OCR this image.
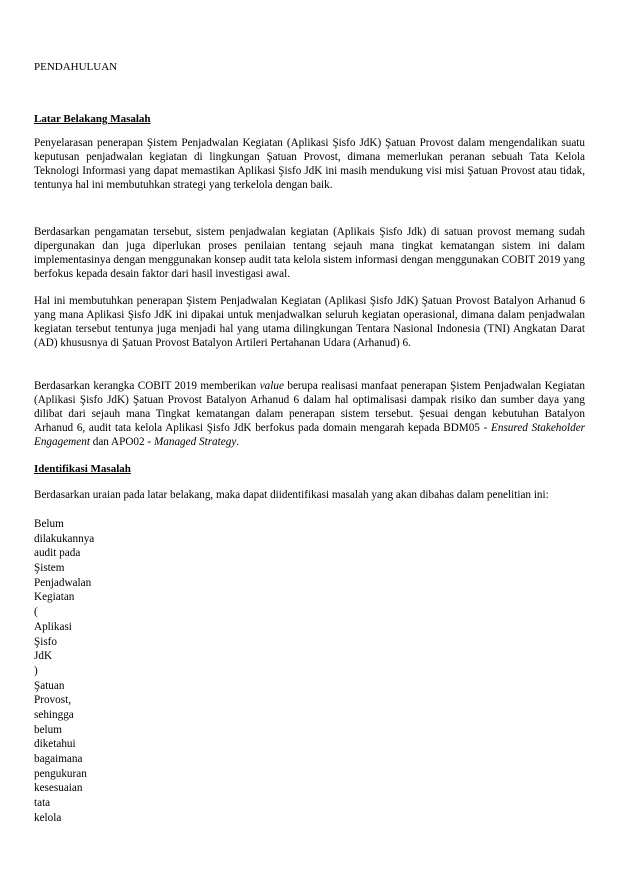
PENDAHULUAN
Latar Belakang Masalah

Penyelarasan penerapan Şistem Penjadwalan Kegiatan (Aplikasi Şisfo JdK) Şatuan Provost dalam mengendalikan suatu keputusan penjadwalan kegiatan di lingkungan Şatuan Provost, dimana memerlukan peranan sebuah Tata Kelola Teknologi Informasi yang dapat memastikan Aplikasi Şisfo JdK ini masih mendukung visi misi Şatuan Provost atau tidak, tentunya hal ini membutuhkan strategi yang terkelola dengan baik.

Berdasarkan pengamatan tersebut, sistem penjadwalan kegiatan (Aplikais Şisfo Jdk) di satuan provost memang sudah dipergunakan dan juga diperlukan proses penilaian tentang sejauh mana tingkat kematangan sistem ini dalam implementasinya dengan menggunakan konsep audit tata kelola sistem informasi dengan menggunakan COBIT 2019 yang berfokus kepada desain faktor dari hasil investigasi awal.

Hal ini membutuhkan penerapan Şistem Penjadwalan Kegiatan (Aplikasi Şisfo JdK) Şatuan Provost Batalyon Arhanud 6 yang mana Aplikasi Şisfo JdK ini dipakai untuk menjadwalkan seluruh kegiatan operasional, dimana dalam penjadwalan kegiatan tersebut tentunya juga menjadi hal yang utama dilingkungan Tentara Nasional Indonesia (TNI) Angkatan Darat (AD) khususnya di Şatuan Provost Batalyon Artileri Pertahanan Udara (Arhanud) 6.

Berdasarkan kerangka COBIT 2019 memberikan value berupa realisasi manfaat penerapan Şistem Penjadwalan Kegiatan (Aplikasi Şisfo JdK) Şatuan Provost Batalyon Arhanud 6 dalam hal optimalisasi dampak risiko dan sumber daya yang dilibat dari sejauh mana Tingkat kematangan dalam penerapan sistem tersebut. Şesuai dengan kebutuhan Batalyon Arhanud 6, audit tata kelola Aplikasi Şisfo JdK berfokus pada domain mengarah kepada BDM05 - Ensured Stakeholder Engagement dan APO02 - Managed Strategy.

Identifikasi Masalah

Berdasarkan uraian pada latar belakang, maka dapat diidentifikasi masalah yang akan dibahas dalam penelitian ini:

Belum
dilakukannya
audit pada
Şistem
Penjadwalan
Kegiatan
(
Aplikasi
Şisfo
JdK
)
Şatuan
Provost,
sehingga
belum
diketahui
bagaimana
pengukuran
kesesuaian
tata
kelola
